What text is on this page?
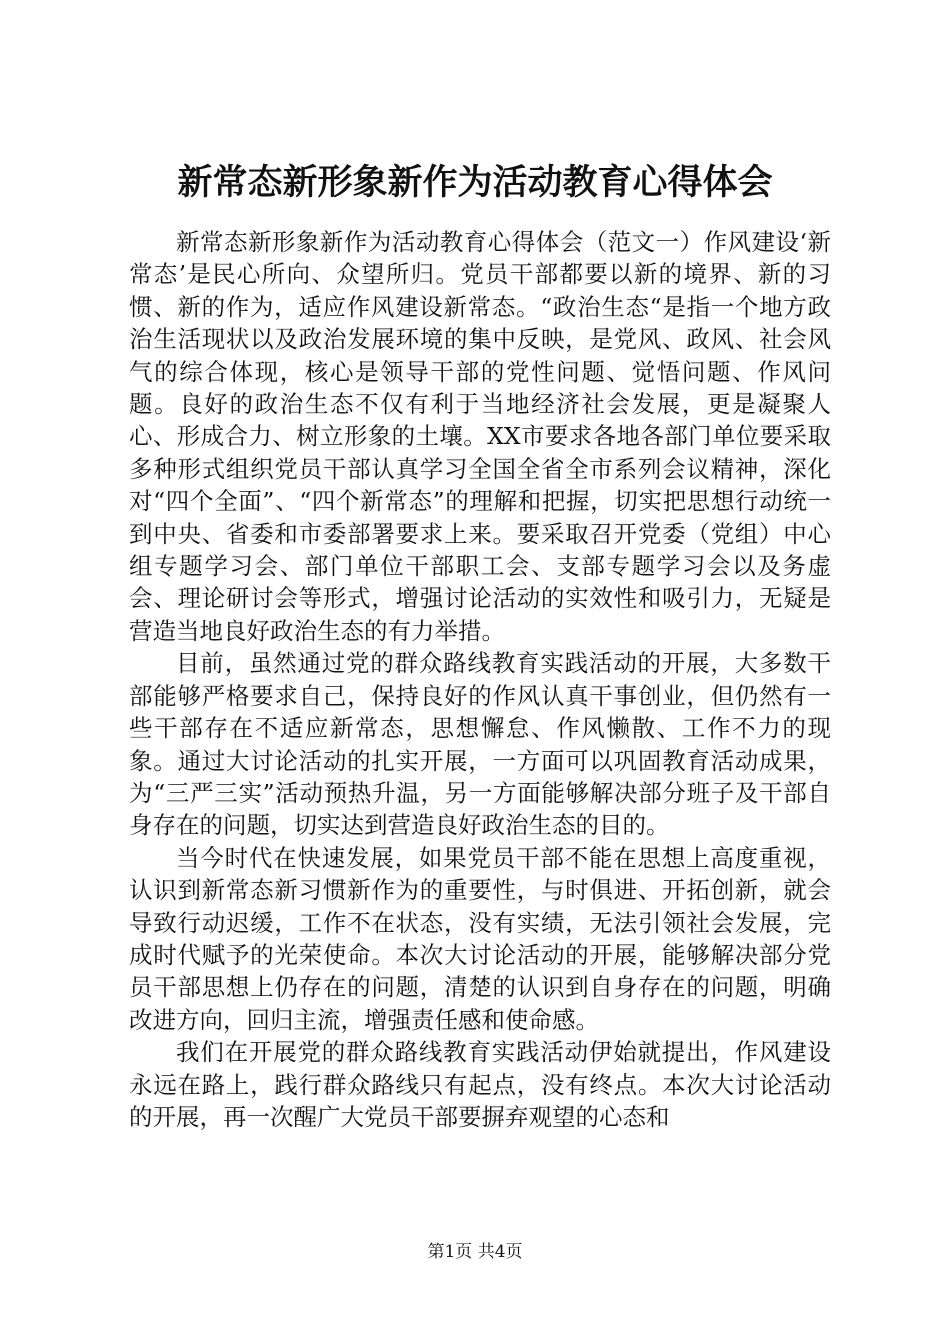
新常态新形象新作为活动教育心得体会

新常态新形象新作为活动教育心得体会（范文一）作风建设‘新常态’是民心所向、众望所归。党员干部都要以新的境界、新的习惯、新的作为，适应作风建设新常态。“政治生态“是指一个地方政治生活现状以及政治发展环境的集中反映，是党风、政风、社会风气的综合体现，核心是领导干部的党性问题、觉悟问题、作风问题。良好的政治生态不仅有利于当地经济社会发展，更是凝聚人心、形成合力、树立形象的土壤。XX市要求各地各部门单位要采取多种形式组织党员干部认真学习全国全省全市系列会议精神，深化对“四个全面”、“四个新常态”的理解和把握，切实把思想行动统一到中央、省委和市委部署要求上来。要采取召开党委（党组）中心组专题学习会、部门单位干部职工会、支部专题学习会以及务虚会、理论研讨会等形式，增强讨论活动的实效性和吸引力，无疑是营造当地良好政治生态的有力举措。

目前，虽然通过党的群众路线教育实践活动的开展，大多数干部能够严格要求自己，保持良好的作风认真干事创业，但仍然有一些干部存在不适应新常态，思想懈怠、作风懒散、工作不力的现象。通过大讨论活动的扎实开展，一方面可以巩固教育活动成果，为“三严三实”活动预热升温，另一方面能够解决部分班子及干部自身存在的问题，切实达到营造良好政治生态的目的。

当今时代在快速发展，如果党员干部不能在思想上高度重视，认识到新常态新习惯新作为的重要性，与时俱进、开拓创新，就会导致行动迟缓，工作不在状态，没有实绩，无法引领社会发展，完成时代赋予的光荣使命。本次大讨论活动的开展，能够解决部分党员干部思想上仍存在的问题，清楚的认识到自身存在的问题，明确改进方向，回归主流，增强责任感和使命感。

我们在开展党的群众路线教育实践活动伊始就提出，作风建设永远在路上，践行群众路线只有起点，没有终点。本次大讨论活动的开展，再一次醒广大党员干部要摒弃观望的心态和

第1页 共4页
